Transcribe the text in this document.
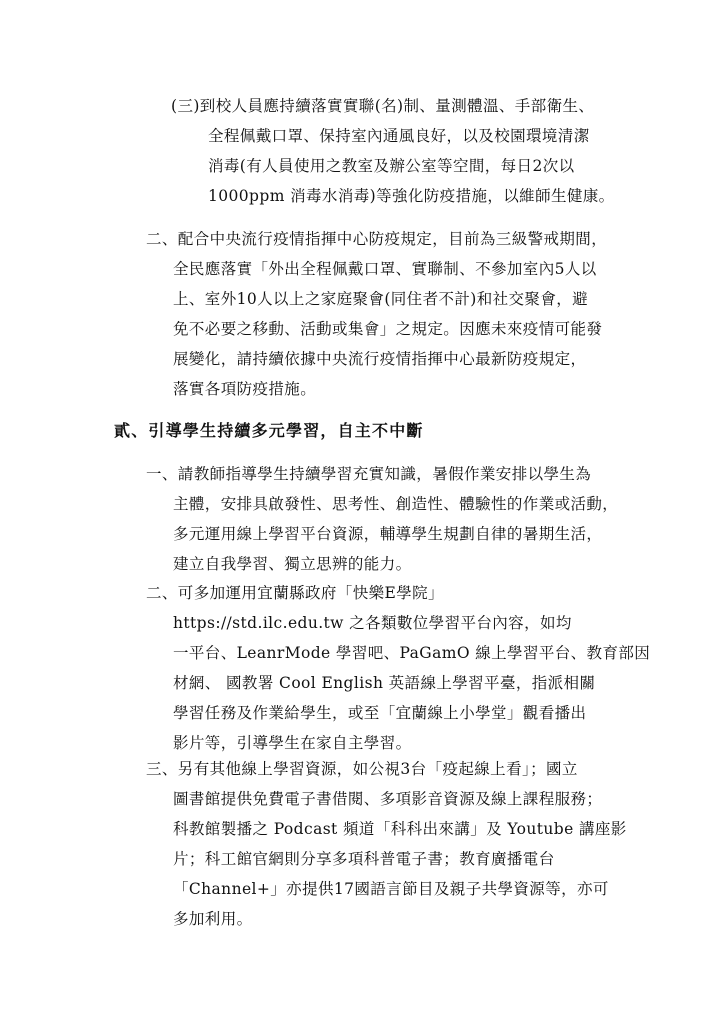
(三)到校人員應持續落實實聯(名)制、量測體溫、手部衛生、
全程佩戴口罩、保持室內通風良好，以及校園環境清潔
消毒(有人員使用之教室及辦公室等空間，每日2次以
1000ppm 消毒水消毒)等強化防疫措施，以維師生健康。
二、配合中央流行疫情指揮中心防疫規定，目前為三級警戒期間，
全民應落實「外出全程佩戴口罩、實聯制、不參加室內5人以
上、室外10人以上之家庭聚會(同住者不計)和社交聚會，避
免不必要之移動、活動或集會」之規定。因應未來疫情可能發
展變化，請持續依據中央流行疫情指揮中心最新防疫規定，
落實各項防疫措施。
貳、引導學生持續多元學習，自主不中斷
一、請教師指導學生持續學習充實知識，暑假作業安排以學生為
主體，安排具啟發性、思考性、創造性、體驗性的作業或活動，
多元運用線上學習平台資源，輔導學生規劃自律的暑期生活，
建立自我學習、獨立思辨的能力。
二、可多加運用宜蘭縣政府「快樂E學院」
https://std.ilc.edu.tw 之各類數位學習平台內容，如均
一平台、LeanrMode 學習吧、PaGamO 線上學習平台、教育部因
材網、 國教署 Cool English 英語線上學習平臺，指派相關
學習任務及作業給學生，或至「宜蘭線上小學堂」觀看播出
影片等，引導學生在家自主學習。
三、另有其他線上學習資源，如公視3台「疫起線上看」；國立
圖書館提供免費電子書借閱、多項影音資源及線上課程服務；
科教館製播之 Podcast 頻道「科科出來講」及 Youtube 講座影
片；科工館官網則分享多項科普電子書；教育廣播電台
「Channel+」亦提供17國語言節目及親子共學資源等，亦可
多加利用。
